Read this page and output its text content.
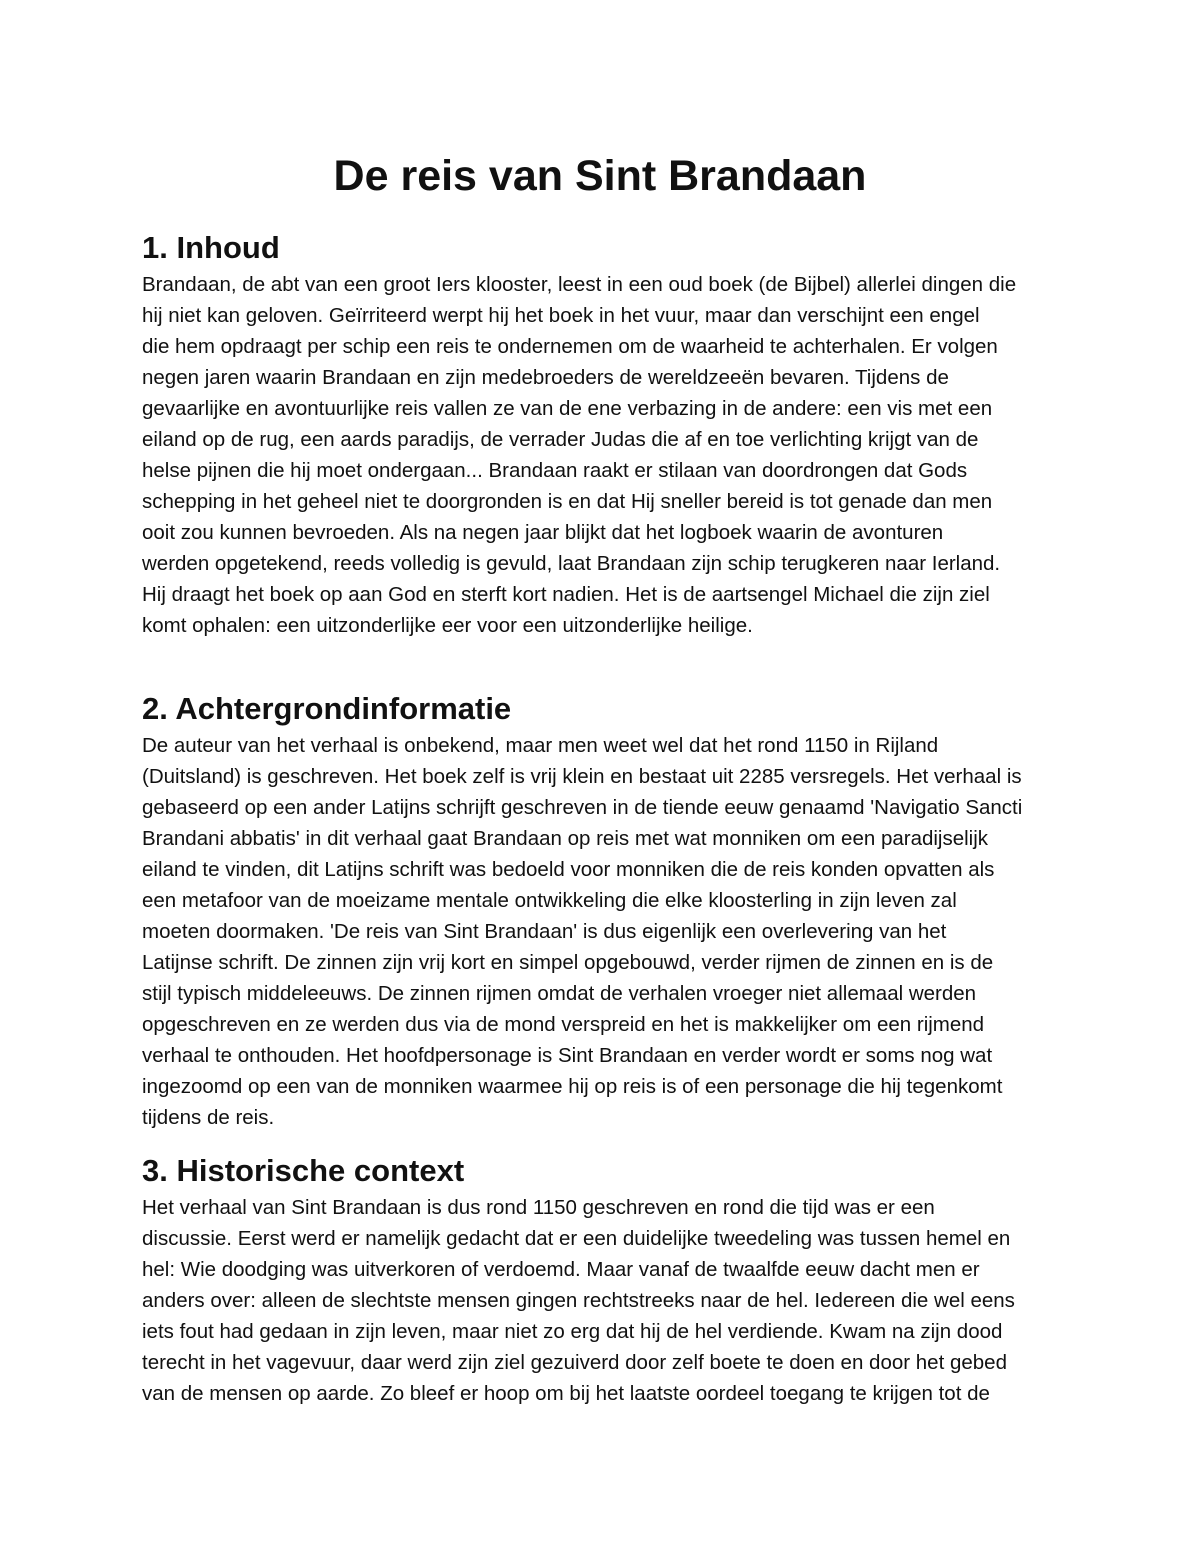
De reis van Sint Brandaan
1. Inhoud

Brandaan, de abt van een groot Iers klooster, leest in een oud boek (de Bijbel) allerlei dingen die
hij niet kan geloven. Geïrriteerd werpt hij het boek in het vuur, maar dan verschijnt een engel
die hem opdraagt per schip een reis te ondernemen om de waarheid te achterhalen. Er volgen
negen jaren waarin Brandaan en zijn medebroeders de wereldzeeën bevaren. Tijdens de
gevaarlijke en avontuurlijke reis vallen ze van de ene verbazing in de andere: een vis met een
eiland op de rug, een aards paradijs, de verrader Judas die af en toe verlichting krijgt van de
helse pijnen die hij moet ondergaan... Brandaan raakt er stilaan van doordrongen dat Gods
schepping in het geheel niet te doorgronden is en dat Hij sneller bereid is tot genade dan men
ooit zou kunnen bevroeden. Als na negen jaar blijkt dat het logboek waarin de avonturen
werden opgetekend, reeds volledig is gevuld, laat Brandaan zijn schip terugkeren naar Ierland.
Hij draagt het boek op aan God en sterft kort nadien. Het is de aartsengel Michael die zijn ziel
komt ophalen: een uitzonderlijke eer voor een uitzonderlijke heilige.

2. Achtergrondinformatie

De auteur van het verhaal is onbekend, maar men weet wel dat het rond 1150 in Rijland
(Duitsland) is geschreven. Het boek zelf is vrij klein en bestaat uit 2285 versregels. Het verhaal is
gebaseerd op een ander Latijns schrijft geschreven in de tiende eeuw genaamd 'Navigatio Sancti
Brandani abbatis' in dit verhaal gaat Brandaan op reis met wat monniken om een paradijselijk
eiland te vinden, dit Latijns schrift was bedoeld voor monniken die de reis konden opvatten als
een metafoor van de moeizame mentale ontwikkeling die elke kloosterling in zijn leven zal
moeten doormaken. 'De reis van Sint Brandaan' is dus eigenlijk een overlevering van het
Latijnse schrift. De zinnen zijn vrij kort en simpel opgebouwd, verder rijmen de zinnen en is de
stijl typisch middeleeuws. De zinnen rijmen omdat de verhalen vroeger niet allemaal werden
opgeschreven en ze werden dus via de mond verspreid en het is makkelijker om een rijmend
verhaal te onthouden. Het hoofdpersonage is Sint Brandaan en verder wordt er soms nog wat
ingezoomd op een van de monniken waarmee hij op reis is of een personage die hij tegenkomt
tijdens de reis.

3. Historische context

Het verhaal van Sint Brandaan is dus rond 1150 geschreven en rond die tijd was er een
discussie. Eerst werd er namelijk gedacht dat er een duidelijke tweedeling was tussen hemel en
hel: Wie doodging was uitverkoren of verdoemd. Maar vanaf de twaalfde eeuw dacht men er
anders over: alleen de slechtste mensen gingen rechtstreeks naar de hel. Iedereen die wel eens
iets fout had gedaan in zijn leven, maar niet zo erg dat hij de hel verdiende. Kwam na zijn dood
terecht in het vagevuur, daar werd zijn ziel gezuiverd door zelf boete te doen en door het gebed
van de mensen op aarde. Zo bleef er hoop om bij het laatste oordeel toegang te krijgen tot de
